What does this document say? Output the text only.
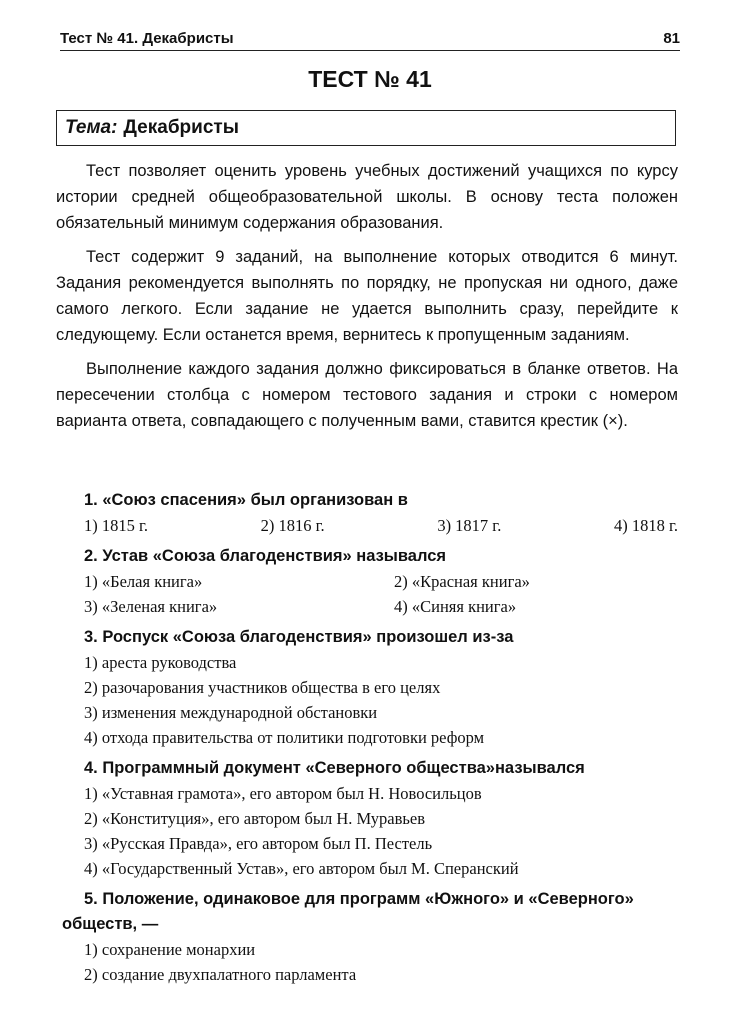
Тест № 41. Декабристы	81
ТЕСТ № 41
Тема: Декабристы

Тест позволяет оценить уровень учебных достижений учащихся по курсу истории средней общеобразовательной школы. В основу теста положен обязательный минимум содержания образования.

Тест содержит 9 заданий, на выполнение которых отводится 6 минут. Задания рекомендуется выполнять по порядку, не пропуская ни одного, даже самого легкого. Если задание не удается выполнить сразу, перейдите к следующему. Если останется время, вернитесь к пропущенным заданиям.

Выполнение каждого задания должно фиксироваться в бланке ответов. На пересечении столбца с номером тестового задания и строки с номером варианта ответа, совпадающего с полученным вами, ставится крестик (×).

1. «Союз спасения» был организован в
1) 1815 г.	2) 1816 г.	3) 1817 г.	4) 1818 г.
2. Устав «Союза благоденствия» назывался
1) «Белая книга»	2) «Красная книга»
3) «Зеленая книга»	4) «Синяя книга»
3. Роспуск «Союза благоденствия» произошел из-за
1) ареста руководства
2) разочарования участников общества в его целях
3) изменения международной обстановки
4) отхода правительства от политики подготовки реформ
4. Программный документ «Северного общества»назывался
1) «Уставная грамота», его автором был Н. Новосильцов
2) «Конституция», его автором был Н. Муравьев
3) «Русская Правда», его автором был П. Пестель
4) «Государственный Устав», его автором был М. Сперанский
5. Положение, одинаковое для программ «Южного» и «Северного» обществ, —
1) сохранение монархии
2) создание двухпалатного парламента
